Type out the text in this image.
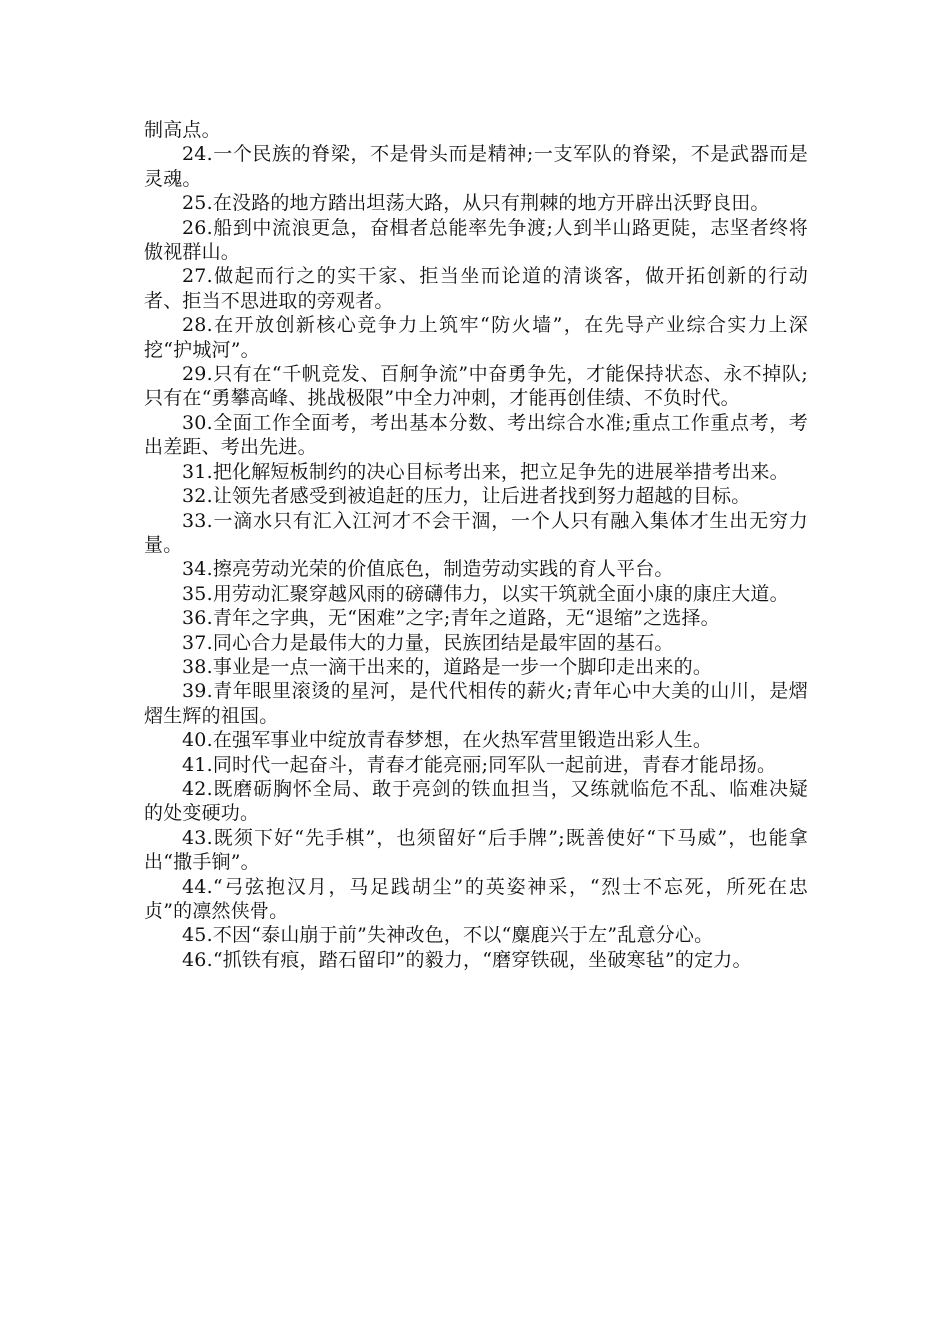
制高点。

24.一个民族的脊梁，不是骨头而是精神;一支军队的脊梁，不是武器而是灵魂。

25.在没路的地方踏出坦荡大路，从只有荆棘的地方开辟出沃野良田。

26.船到中流浪更急，奋楫者总能率先争渡;人到半山路更陡，志坚者终将傲视群山。

27.做起而行之的实干家、拒当坐而论道的清谈客，做开拓创新的行动者、拒当不思进取的旁观者。

28.在开放创新核心竞争力上筑牢“防火墙”，在先导产业综合实力上深挖“护城河”。

29.只有在“千帆竞发、百舸争流”中奋勇争先，才能保持状态、永不掉队;只有在“勇攀高峰、挑战极限”中全力冲刺，才能再创佳绩、不负时代。

30.全面工作全面考，考出基本分数、考出综合水准;重点工作重点考，考出差距、考出先进。

31.把化解短板制约的决心目标考出来，把立足争先的进展举措考出来。

32.让领先者感受到被追赶的压力，让后进者找到努力超越的目标。

33.一滴水只有汇入江河才不会干涸，一个人只有融入集体才生出无穷力量。

34.擦亮劳动光荣的价值底色，制造劳动实践的育人平台。

35.用劳动汇聚穿越风雨的磅礴伟力，以实干筑就全面小康的康庄大道。

36.青年之字典，无“困难”之字;青年之道路，无“退缩”之选择。

37.同心合力是最伟大的力量，民族团结是最牢固的基石。

38.事业是一点一滴干出来的，道路是一步一个脚印走出来的。

39.青年眼里滚烫的星河，是代代相传的薪火;青年心中大美的山川，是熠熠生辉的祖国。

40.在强军事业中绽放青春梦想，在火热军营里锻造出彩人生。

41.同时代一起奋斗，青春才能亮丽;同军队一起前进，青春才能昂扬。

42.既磨砺胸怀全局、敢于亮剑的铁血担当，又练就临危不乱、临难决疑的处变硬功。

43.既须下好“先手棋”，也须留好“后手牌”;既善使好“下马威”，也能拿出“撒手锏”。

44.“弓弦抱汉月，马足践胡尘”的英姿神采，“烈士不忘死，所死在忠贞”的凛然侠骨。

45.不因“泰山崩于前”失神改色，不以“麋鹿兴于左”乱意分心。

46.“抓铁有痕，踏石留印”的毅力，“磨穿铁砚，坐破寒毡”的定力。
